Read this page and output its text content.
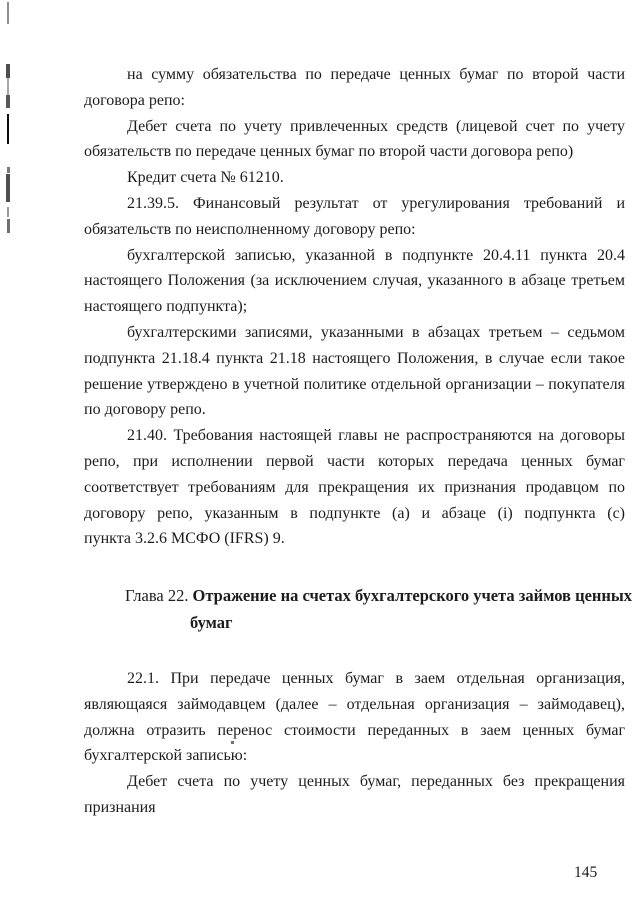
на сумму обязательства по передаче ценных бумаг по второй части
договора репо:
Дебет счета по учету привлеченных средств (лицевой счет по учету
обязательств по передаче ценных бумаг по второй части договора репо)
Кредит счета № 61210.
21.39.5. Финансовый результат от урегулирования требований и
обязательств по неисполненному договору репо:
бухгалтерской записью, указанной в подпункте 20.4.11 пункта 20.4
настоящего Положения (за исключением случая, указанного в абзаце третьем
настоящего подпункта);
бухгалтерскими записями, указанными в абзацах третьем – седьмом
подпункта 21.18.4 пункта 21.18 настоящего Положения, в случае если такое
решение утверждено в учетной политике отдельной организации – покупателя
по договору репо.
21.40. Требования настоящей главы не распространяются на договоры
репо, при исполнении первой части которых передача ценных бумаг
соответствует требованиям для прекращения их признания продавцом по
договору репо, указанным в подпункте (а) и абзаце (i) подпункта (с)
пункта 3.2.6 МСФО (IFRS) 9.
Глава 22. Отражение на счетах бухгалтерского учета займов ценных
бумаг
22.1. При передаче ценных бумаг в заем отдельная организация,
являющаяся займодавцем (далее – отдельная организация – займодавец),
должна отразить перенос стоимости переданных в заем ценных бумаг
бухгалтерской записью:
Дебет счета по учету ценных бумаг, переданных без прекращения
признания
145
